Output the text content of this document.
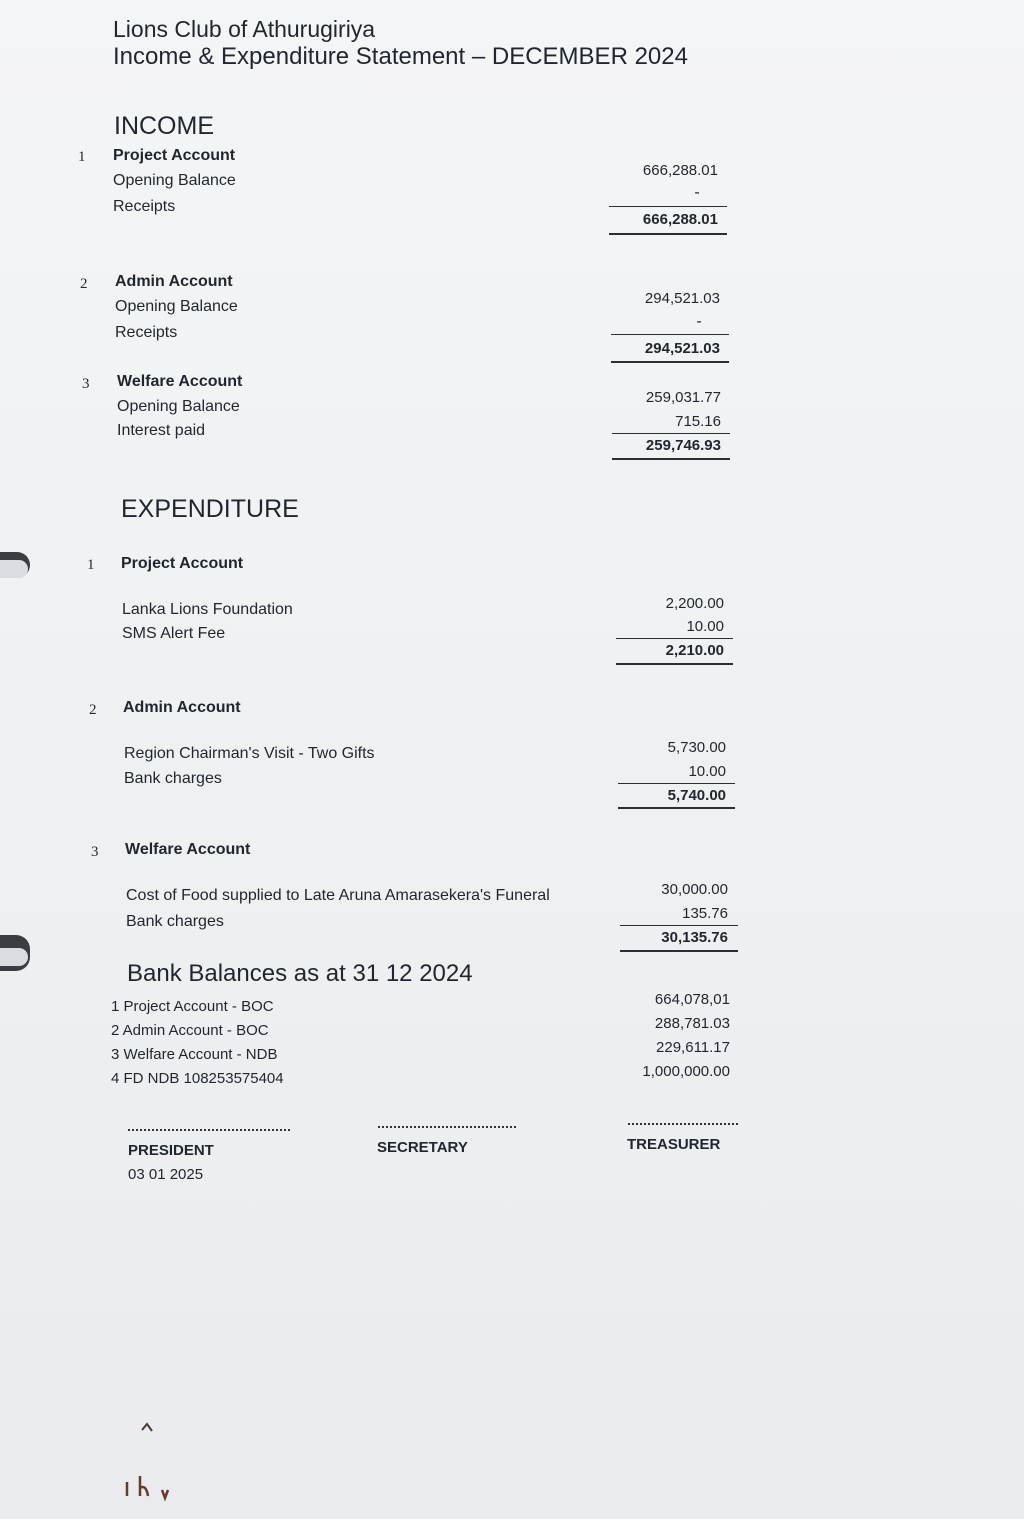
Lions Club of Athurugiriya
Income & Expenditure Statement – DECEMBER 2024
INCOME
1 Project Account
Opening Balance
Receipts
666,288.01
-
666,288.01
2 Admin Account
Opening Balance
Receipts
294,521.03
-
294,521.03
3 Welfare Account
Opening Balance
Interest paid
259,031.77
715.16
259,746.93
EXPENDITURE
1 Project Account
Lanka Lions Foundation
SMS Alert Fee
2,200.00
10.00
2,210.00
2 Admin Account
Region Chairman's Visit - Two Gifts
Bank charges
5,730.00
10.00
5,740.00
3 Welfare Account
Cost of Food supplied to Late Aruna Amarasekera's Funeral
Bank charges
30,000.00
135.76
30,135.76
Bank Balances as at 31 12 2024
1 Project Account - BOC
2 Admin Account - BOC
3 Welfare Account - NDB
4 FD NDB 108253575404
664,078,01
288,781.03
229,611.17
1,000,000.00
PRESIDENT
03 01 2025
SECRETARY	TREASURER
